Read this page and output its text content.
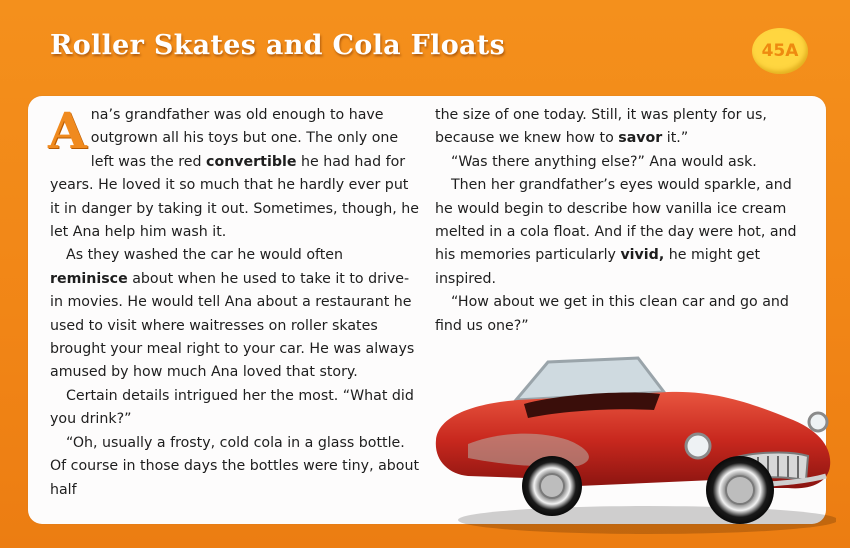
Roller Skates and Cola Floats	45A

Ana’s grandfather was old enough to have outgrown all his toys but one. The only one left was the red convertible he had had for years. He loved it so much that he hardly ever put it in danger by taking it out. Sometimes, though, he let Ana help him wash it.

As they washed the car he would often reminisce about when he used to take it to drive-in movies. He would tell Ana about a restaurant he used to visit where waitresses on roller skates brought your meal right to your car. He was always amused by how much Ana loved that story.

Certain details intrigued her the most. “What did you drink?”

“Oh, usually a frosty, cold cola in a glass bottle. Of course in those days the bottles were tiny, about half

the size of one today. Still, it was plenty for us, because we knew how to savor it.”

“Was there anything else?” Ana would ask.

Then her grandfather’s eyes would sparkle, and he would begin to describe how vanilla ice cream melted in a cola float. And if the day were hot, and his memories particularly vivid, he might get inspired.

“How about we get in this clean car and go and find us one?”
